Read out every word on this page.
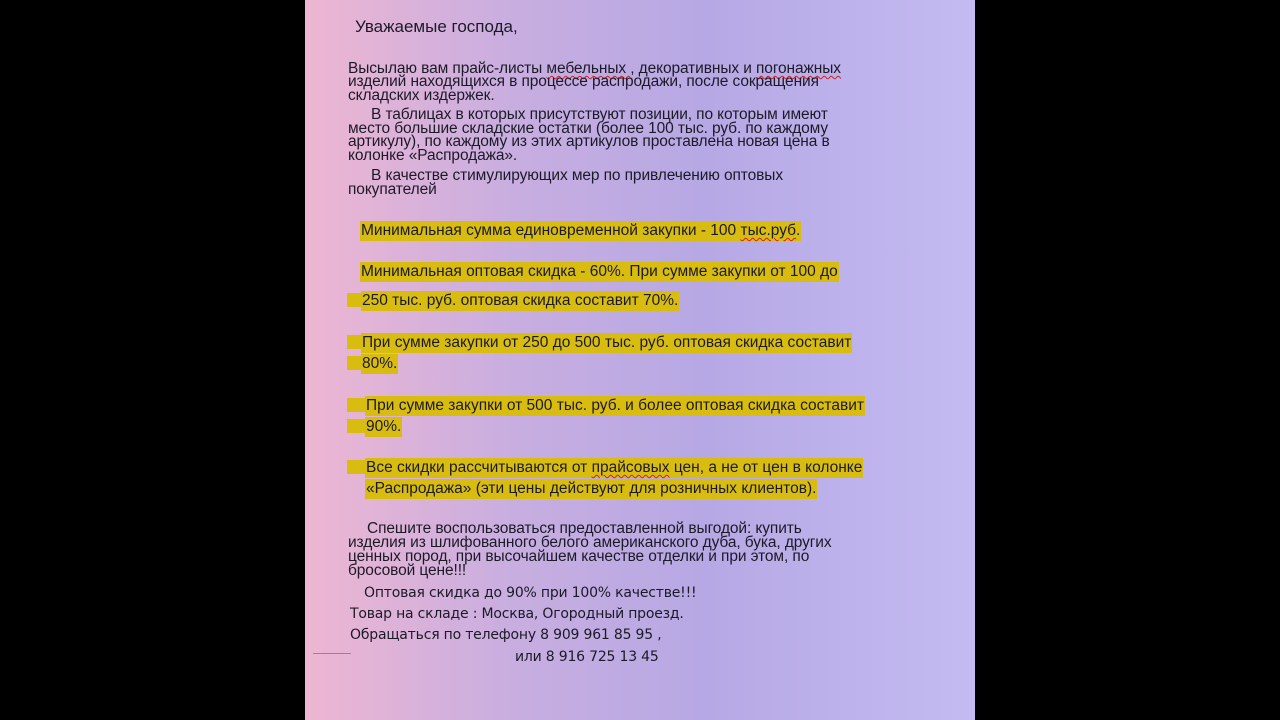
Уважаемые господа,
Высылаю вам прайс-листы мебельных , декоративных и погонажных
изделий находящихся в процессе распродажи, после сокращения
складских издержек.
В таблицах в которых присутствуют позиции, по которым имеют
место большие складские остатки (более 100 тыс. руб. по каждому
артикулу), по каждому из этих артикулов проставлена новая цена в
колонке «Распродажа».
В качестве стимулирующих мер по привлечению оптовых
покупателей
Минимальная сумма единовременной закупки - 100 тыс.руб.
Минимальная оптовая скидка - 60%. При сумме закупки от 100 до
250 тыс. руб. оптовая скидка составит 70%.
При сумме закупки от 250 до 500 тыс. руб. оптовая скидка составит
80%.
При сумме закупки от 500 тыс. руб. и более оптовая скидка составит
90%.
Все скидки рассчитываются от прайсовых цен, а не от цен в колонке
«Распродажа» (эти цены действуют для розничных клиентов).
Спешите воспользоваться предоставленной выгодой: купить
изделия из шлифованного белого американского дуба, бука, других
ценных пород, при высочайшем качестве отделки и при этом, по
бросовой цене!!!
Оптовая скидка до 90% при 100% качестве!!!
Товар на складе : Москва, Огородный проезд.
Обращаться по телефону 8 909 961 85 95 ,
или 8 916 725 13 45
